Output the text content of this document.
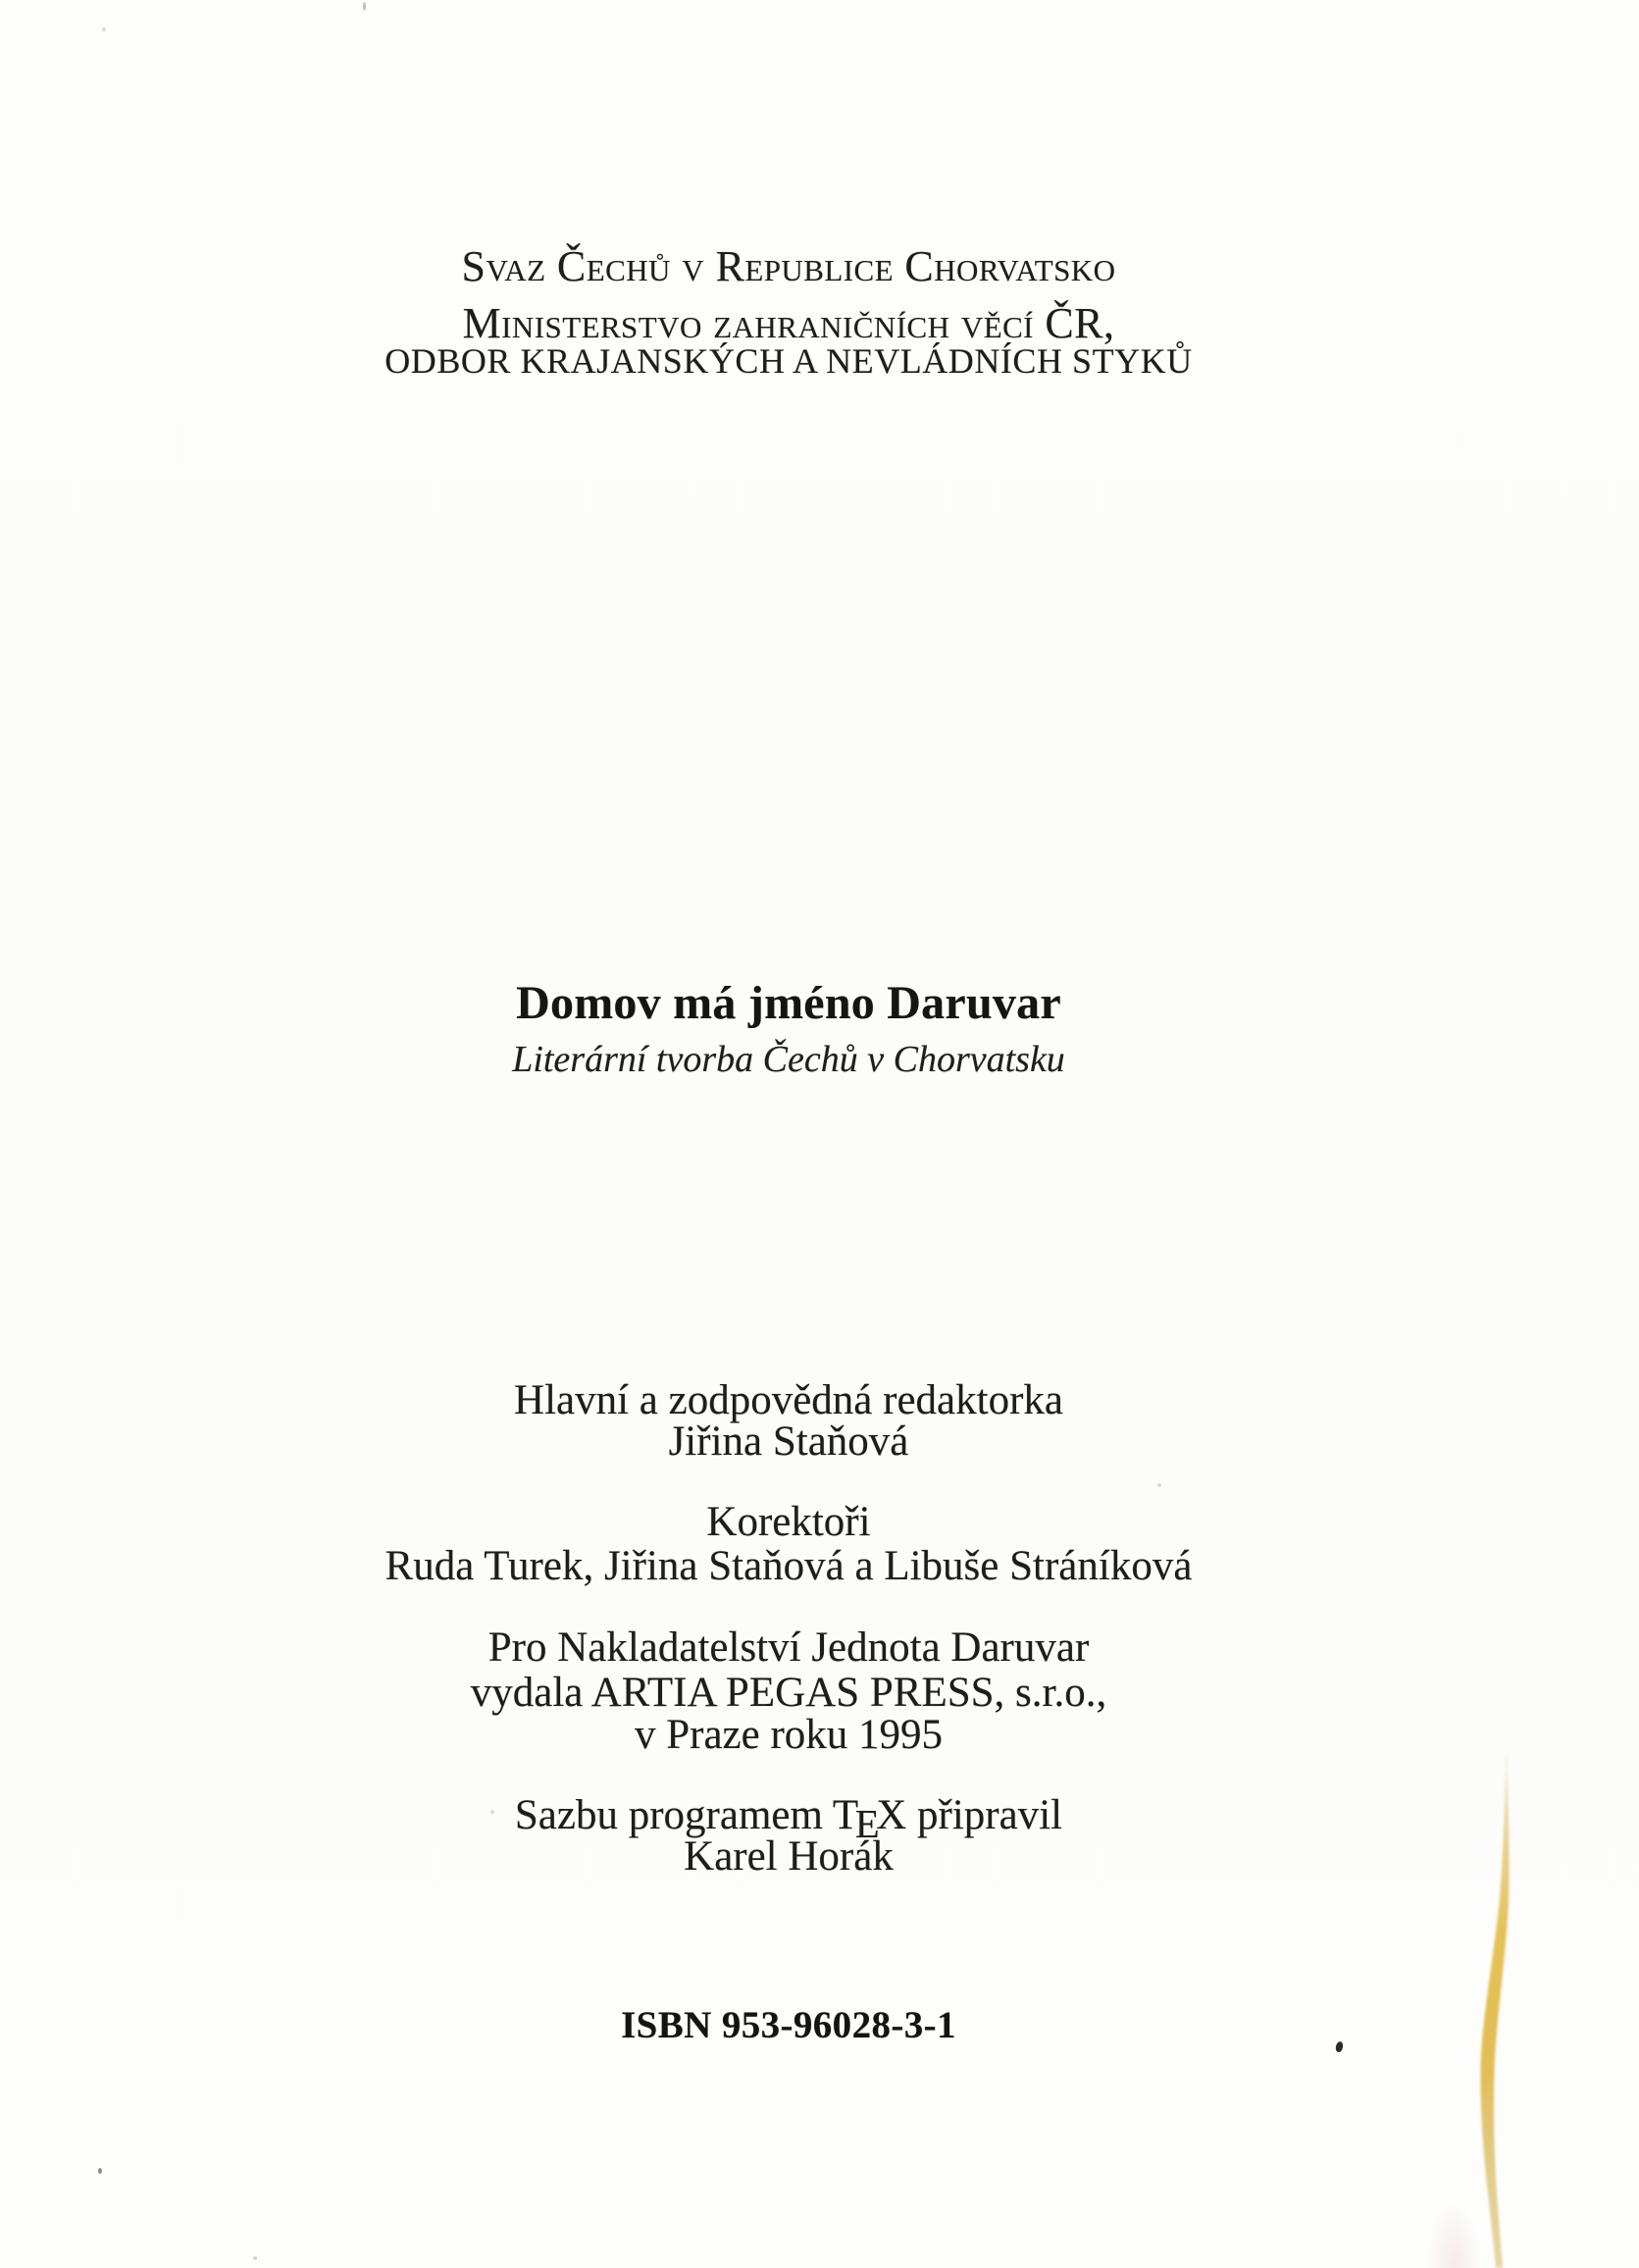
Svaz Čechů v Republice Chorvatsko
Ministerstvo zahraničních věcí ČR,
ODBOR KRAJANSKÝCH A NEVLÁDNÍCH STYKŮ
Domov má jméno Daruvar
Literární tvorba Čechů v Chorvatsku
Hlavní a zodpovědná redaktorka
Jiřina Staňová
Korektoři
Ruda Turek, Jiřina Staňová a Libuše Stráníková
Pro Nakladatelství Jednota Daruvar
vydala ARTIA PEGAS PRESS, s.r.o.,
v Praze roku 1995
Sazbu programem TEX připravil
Karel Horák
ISBN 953-96028-3-1
